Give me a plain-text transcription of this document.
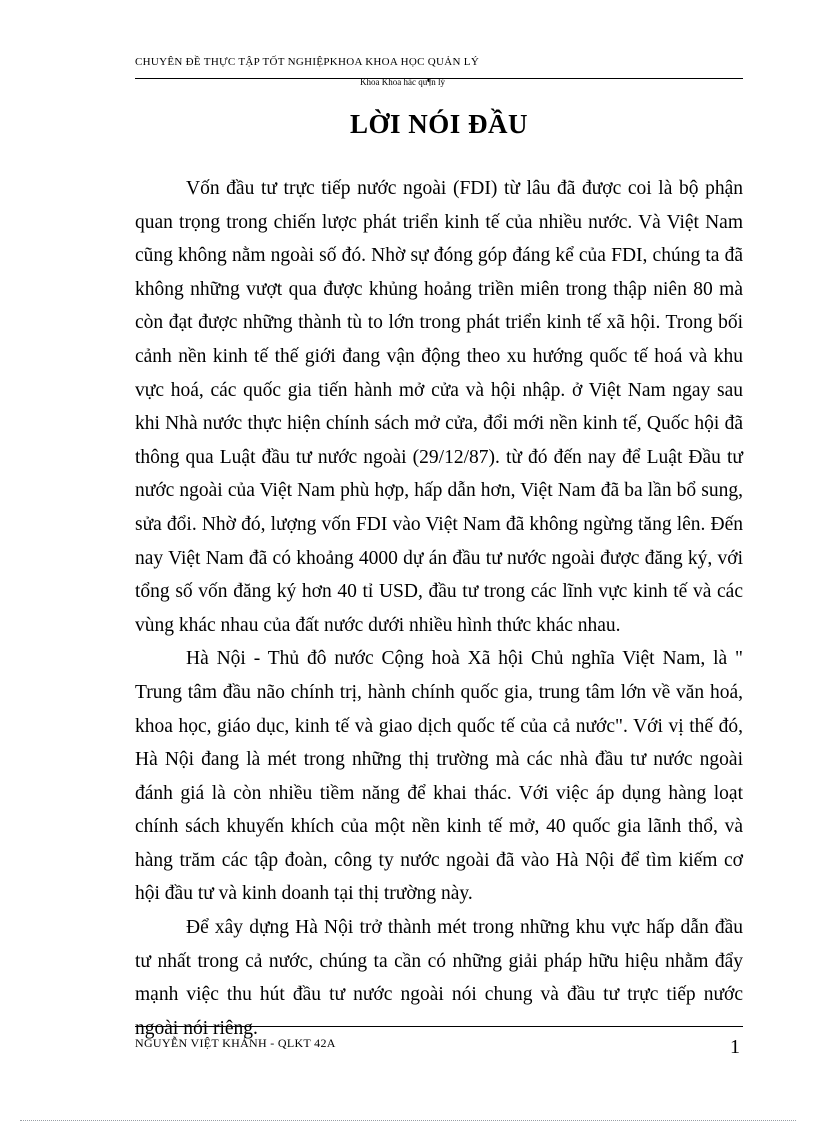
CHUYÊN ĐỀ THỰC TẬP TỐT NGHIỆPKHOA KHOA HỌC QUẢN LÝ
Khoa Khoa häc qu¶n lý
LỜI NÓI ĐẦU

Vốn đầu tư trực tiếp nước ngoài (FDI) từ lâu đã được coi là bộ phận quan trọng trong chiến lược phát triển kinh tế của nhiều nước. Và Việt Nam cũng không nằm ngoài số đó. Nhờ sự đóng góp đáng kể của FDI, chúng ta đã không những vượt qua được khủng hoảng triền miên trong thập niên 80 mà còn đạt được những thành tù to lớn trong phát triển kinh tế xã hội. Trong bối cảnh nền kinh tế thế giới đang vận động theo xu hướng quốc tế hoá và khu vực hoá, các quốc gia tiến hành mở cửa và hội nhập. ở Việt Nam ngay sau khi Nhà nước thực hiện chính sách mở cửa, đổi mới nền kinh tế, Quốc hội đã thông qua Luật đầu tư nước ngoài (29/12/87). từ đó đến nay để Luật Đầu tư nước ngoài của Việt Nam phù hợp, hấp dẫn hơn, Việt Nam đã ba lần bổ sung, sửa đổi. Nhờ đó, lượng vốn FDI vào Việt Nam đã không ngừng tăng lên. Đến nay Việt Nam đã có khoảng 4000 dự án đầu tư nước ngoài được đăng ký, với tổng số vốn đăng ký hơn 40 tỉ USD, đầu tư trong các lĩnh vực kinh tế và các vùng khác nhau của đất nước dưới nhiều hình thức khác nhau.

Hà Nội - Thủ đô nước Cộng hoà Xã hội Chủ nghĩa Việt Nam, là " Trung tâm đầu não chính trị, hành chính quốc gia, trung tâm lớn về văn hoá, khoa học, giáo dục, kinh tế và giao dịch quốc tế của cả nước". Với vị thế đó, Hà Nội đang là mét trong những thị trường mà các nhà đầu tư nước ngoài đánh giá là còn nhiều tiềm năng để khai thác. Với việc áp dụng hàng loạt chính sách khuyến khích của một nền kinh tế mở, 40 quốc gia lãnh thổ, và hàng trăm các tập đoàn, công ty nước ngoài đã vào Hà Nội để tìm kiếm cơ hội đầu tư và kinh doanh tại thị trường này.

Để xây dựng Hà Nội trở thành mét trong những khu vực hấp dẫn đầu tư nhất trong cả nước, chúng ta cần có những giải pháp hữu hiệu nhằm đẩy mạnh việc thu hút đầu tư nước ngoài nói chung và đầu tư trực tiếp nước ngoài nói riêng.

NGUYỄN VIỆT KHÁNH - QLKT 42A	1
